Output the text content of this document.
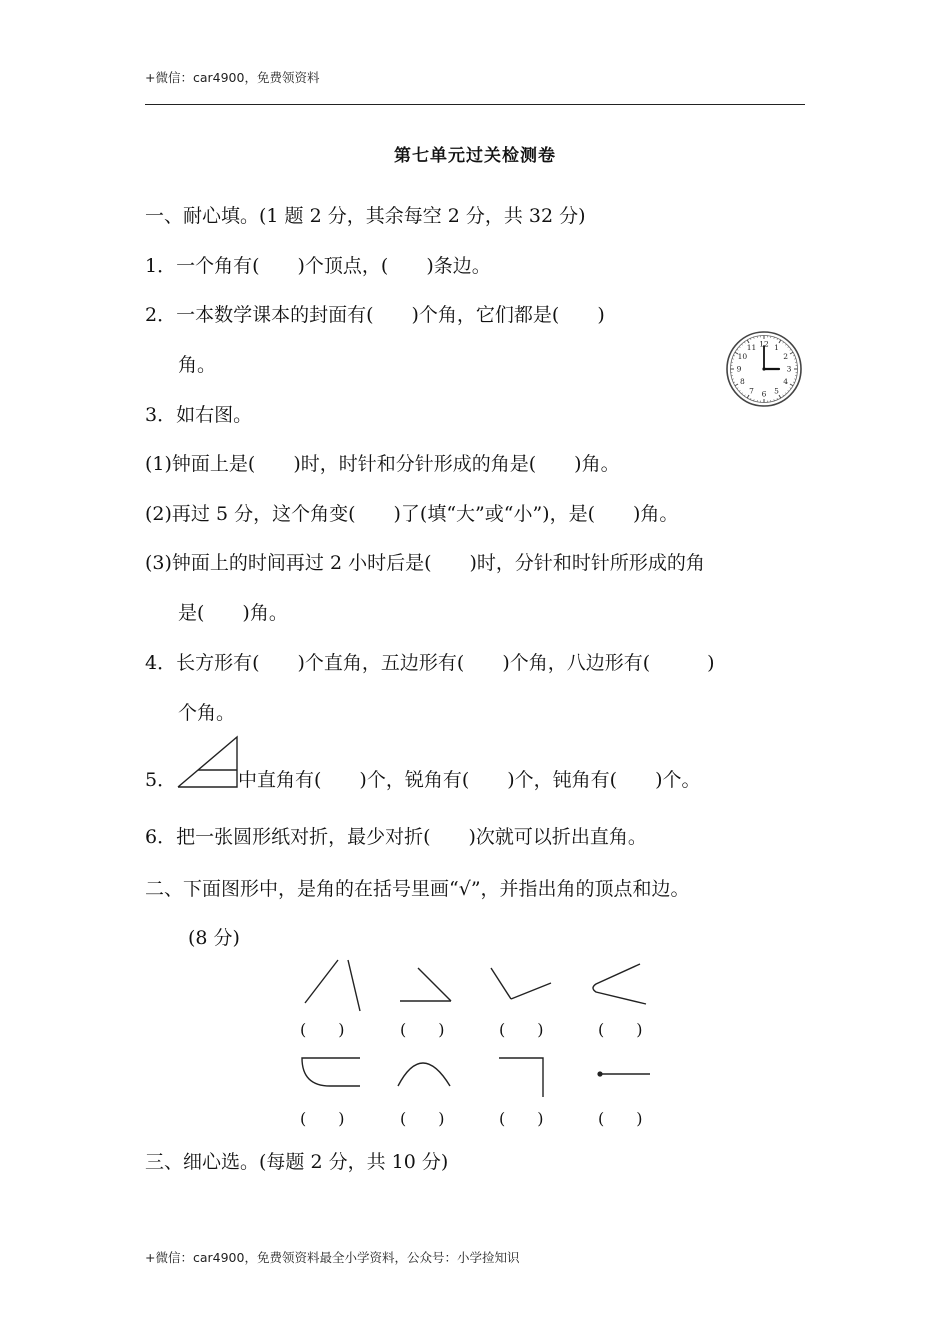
+微信：car4900，免费领资料
第七单元过关检测卷
一、耐心填。(1 题 2 分，其余每空 2 分，共 32 分)
1．一个角有(　　)个顶点，(　　)条边。
2．一本数学课本的封面有(　　)个角，它们都是(　　)
角。
3．如右图。
12 1
2
3
4
5
6
7
8
9
10
11
(1)钟面上是(　　)时，时针和分针形成的角是(　　)角。
(2)再过 5 分，这个角变(　　)了(填“大”或“小”)，是(　　)角。
(3)钟面上的时间再过 2 小时后是(　　)时，分针和时针所形成的角
是(　　)角。
4．长方形有(　　)个直角，五边形有(　　)个角，八边形有(　　　)
个角。
5．	中直角有(　　)个，锐角有(　　)个，钝角有(　　)个。
6．把一张圆形纸对折，最少对折(　　)次就可以折出直角。
二、下面图形中，是角的在括号里画“√”，并指出角的顶点和边。
(8 分)
(　　)	(　　)	(　　)	(　　)
(　　)	(　　)	(　　)	(　　)
三、细心选。(每题 2 分，共 10 分)
+微信：car4900，免费领资料最全小学资料，公众号：小学捡知识
